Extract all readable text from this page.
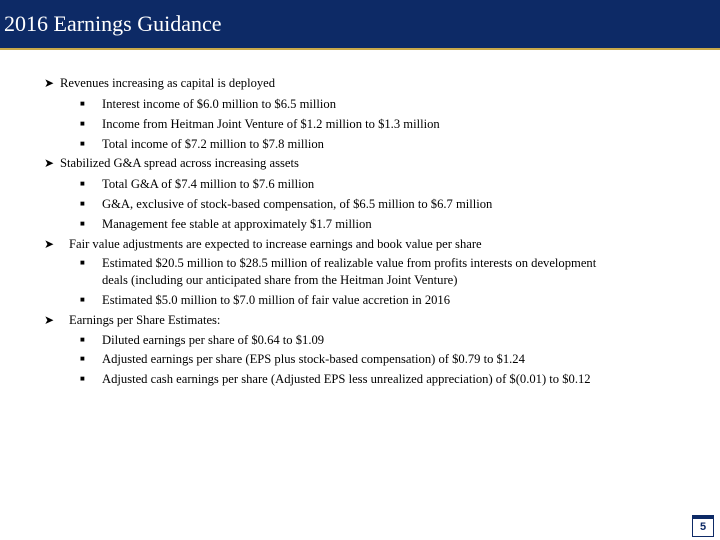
2016 Earnings Guidance
➤ Revenues increasing as capital is deployed
■ Interest income of $6.0 million to $6.5 million
■ Income from Heitman Joint Venture of $1.2 million to $1.3 million
■ Total income of $7.2 million to $7.8 million
➤ Stabilized G&A spread across increasing assets
■ Total G&A of $7.4 million to $7.6 million
■ G&A, exclusive of stock-based compensation, of $6.5 million to $6.7 million
■ Management fee stable at approximately $1.7 million
➤ Fair value adjustments are expected to increase earnings and book value per share
■ Estimated $20.5 million to $28.5 million of realizable value from profits interests on development
deals (including our anticipated share from the Heitman Joint Venture)
■ Estimated $5.0 million to $7.0 million of fair value accretion in 2016
➤ Earnings per Share Estimates:
■ Diluted earnings per share of $0.64 to $1.09
■ Adjusted earnings per share (EPS plus stock-based compensation) of $0.79 to $1.24
■ Adjusted cash earnings per share (Adjusted EPS less unrealized appreciation) of $(0.01) to $0.12
5
